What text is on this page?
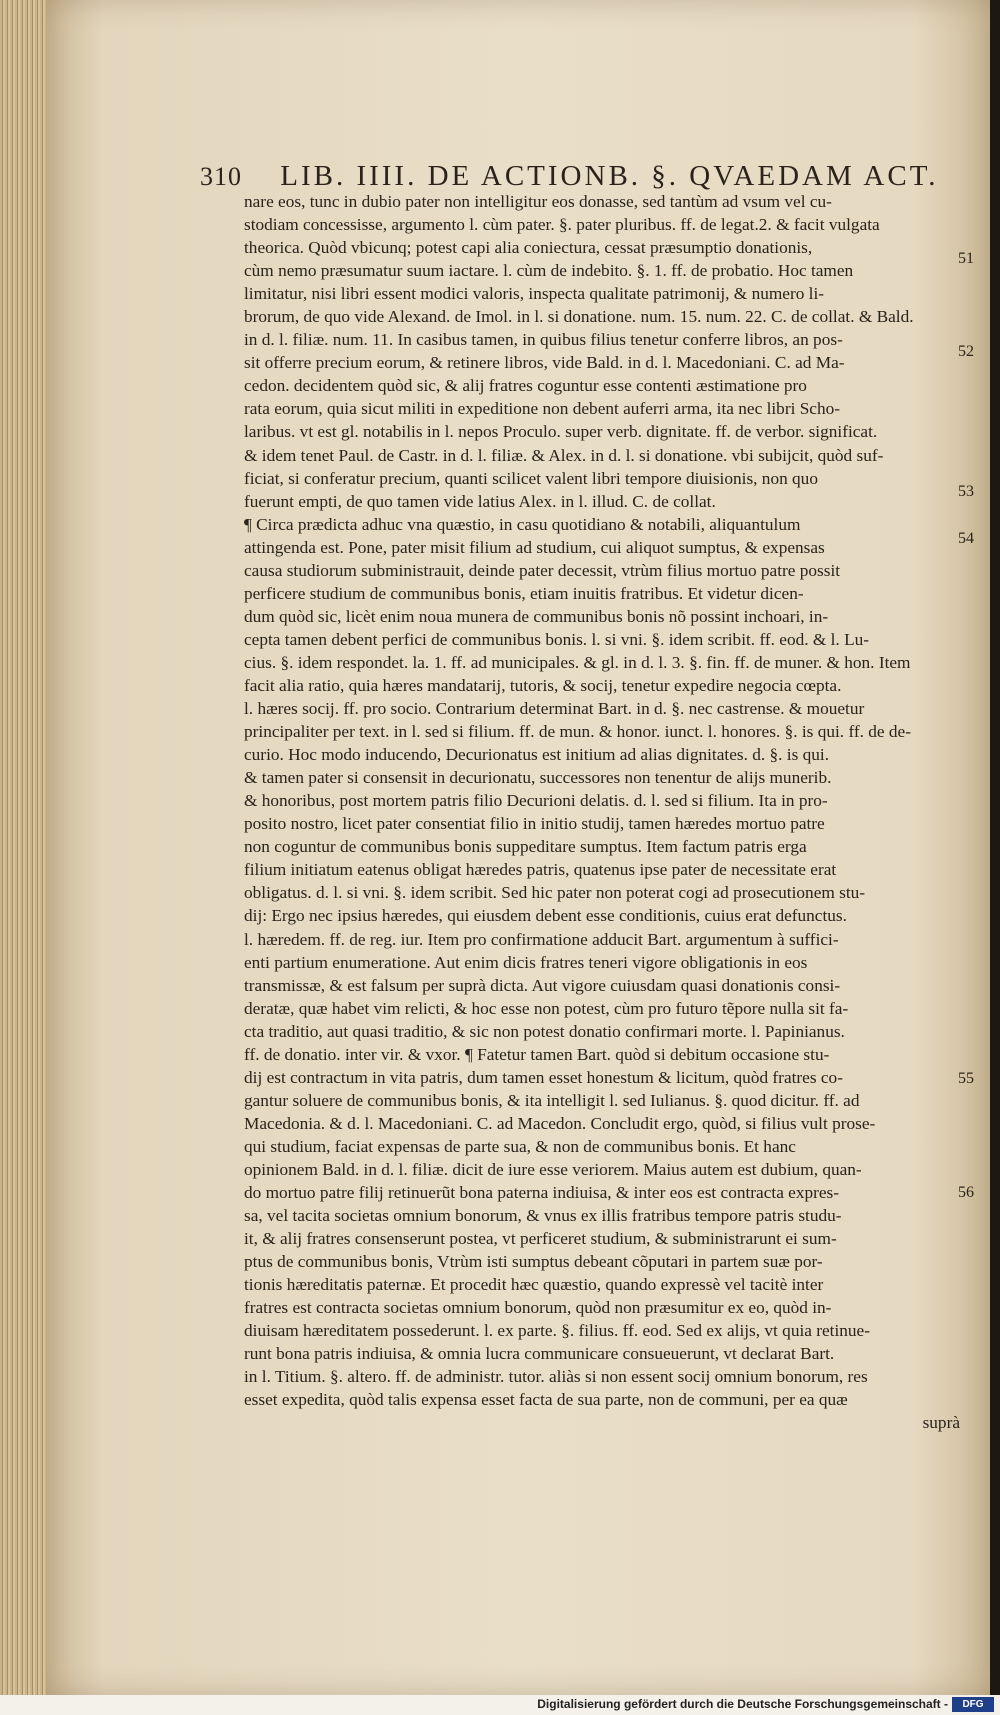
310 LIB. IIII. DE ACTIONB. §. QVAEDAM ACT.
nare eos, tunc in dubio pater non intelligitur eos donasse, sed tantùm ad vsum vel cu-
stodiam concessisse, argumento l. cùm pater. §. pater pluribus. ff. de legat.2. & facit vulgata
theorica. Quòd vbicunq; potest capi alia coniectura, cessat præsumptio donationis,
cùm nemo præsumatur suum iactare. l. cùm de indebito. §. 1. ff. de probatio. Hoc tamen
limitatur, nisi libri essent modici valoris, inspecta qualitate patrimonij, & numero li-
brorum, de quo vide Alexand. de Imol. in l. si donatione. num. 15. num. 22. C. de collat. & Bald.
in d. l. filiæ. num. 11. In casibus tamen, in quibus filius tenetur conferre libros, an pos-
sit offerre precium eorum, & retinere libros, vide Bald. in d. l. Macedoniani. C. ad Ma-
cedon. decidentem quòd sic, & alij fratres coguntur esse contenti æstimatione pro
rata eorum, quia sicut militi in expeditione non debent auferri arma, ita nec libri Scho-
laribus. vt est gl. notabilis in l. nepos Proculo. super verb. dignitate. ff. de verbor. significat.
& idem tenet Paul. de Castr. in d. l. filiæ. & Alex. in d. l. si donatione. vbi subijcit, quòd suf-
ficiat, si conferatur precium, quanti scilicet valent libri tempore diuisionis, non quo
fuerunt empti, de quo tamen vide latius Alex. in l. illud. C. de collat.
¶ Circa prædicta adhuc vna quæstio, in casu quotidiano & notabili, aliquantulum
attingenda est. Pone, pater misit filium ad studium, cui aliquot sumptus, & expensas
causa studiorum subministrauit, deinde pater decessit, vtrùm filius mortuo patre possit
perficere studium de communibus bonis, etiam inuitis fratribus. Et videtur dicen-
dum quòd sic, licèt enim noua munera de communibus bonis nõ possint inchoari, in-
cepta tamen debent perfici de communibus bonis. l. si vni. §. idem scribit. ff. eod. & l. Lu-
cius. §. idem respondet. la. 1. ff. ad municipales. & gl. in d. l. 3. §. fin. ff. de muner. & hon. Item
facit alia ratio, quia hæres mandatarij, tutoris, & socij, tenetur expedire negocia cœpta.
l. hæres socij. ff. pro socio. Contrarium determinat Bart. in d. §. nec castrense. & mouetur
principaliter per text. in l. sed si filium. ff. de mun. & honor. iunct. l. honores. §. is qui. ff. de de-
curio. Hoc modo inducendo, Decurionatus est initium ad alias dignitates. d. §. is qui.
& tamen pater si consensit in decurionatu, successores non tenentur de alijs munerib.
& honoribus, post mortem patris filio Decurioni delatis. d. l. sed si filium. Ita in pro-
posito nostro, licet pater consentiat filio in initio studij, tamen hæredes mortuo patre
non coguntur de communibus bonis suppeditare sumptus. Item factum patris erga
filium initiatum eatenus obligat hæredes patris, quatenus ipse pater de necessitate erat
obligatus. d. l. si vni. §. idem scribit. Sed hic pater non poterat cogi ad prosecutionem stu-
dij: Ergo nec ipsius hæredes, qui eiusdem debent esse conditionis, cuius erat defunctus.
l. hæredem. ff. de reg. iur. Item pro confirmatione adducit Bart. argumentum à suffici-
enti partium enumeratione. Aut enim dicis fratres teneri vigore obligationis in eos
transmissæ, & est falsum per suprà dicta. Aut vigore cuiusdam quasi donationis consi-
deratæ, quæ habet vim relicti, & hoc esse non potest, cùm pro futuro tẽpore nulla sit fa-
cta traditio, aut quasi traditio, & sic non potest donatio confirmari morte. l. Papinianus.
ff. de donatio. inter vir. & vxor. ¶ Fatetur tamen Bart. quòd si debitum occasione stu-
dij est contractum in vita patris, dum tamen esset honestum & licitum, quòd fratres co-
gantur soluere de communibus bonis, & ita intelligit l. sed Iulianus. §. quod dicitur. ff. ad
Macedonia. & d. l. Macedoniani. C. ad Macedon. Concludit ergo, quòd, si filius vult prose-
qui studium, faciat expensas de parte sua, & non de communibus bonis. Et hanc
opinionem Bald. in d. l. filiæ. dicit de iure esse veriorem. Maius autem est dubium, quan-
do mortuo patre filij retinuerũt bona paterna indiuisa, & inter eos est contracta expres-
sa, vel tacita societas omnium bonorum, & vnus ex illis fratribus tempore patris studu-
it, & alij fratres consenserunt postea, vt perficeret studium, & subministrarunt ei sum-
ptus de communibus bonis, Vtrùm isti sumptus debeant cõputari in partem suæ por-
tionis hæreditatis paternæ. Et procedit hæc quæstio, quando expressè vel tacitè inter
fratres est contracta societas omnium bonorum, quòd non præsumitur ex eo, quòd in-
diuisam hæreditatem possederunt. l. ex parte. §. filius. ff. eod. Sed ex alijs, vt quia retinue-
runt bona patris indiuisa, & omnia lucra communicare consueuerunt, vt declarat Bart.
in l. Titium. §. altero. ff. de administr. tutor. aliàs si non essent socij omnium bonorum, res
esset expedita, quòd talis expensa esset facta de sua parte, non de communi, per ea quæ
suprà
51
52
53
54
55
56
Digitalisierung gefördert durch die Deutsche Forschungsgemeinschaft -	DFG
